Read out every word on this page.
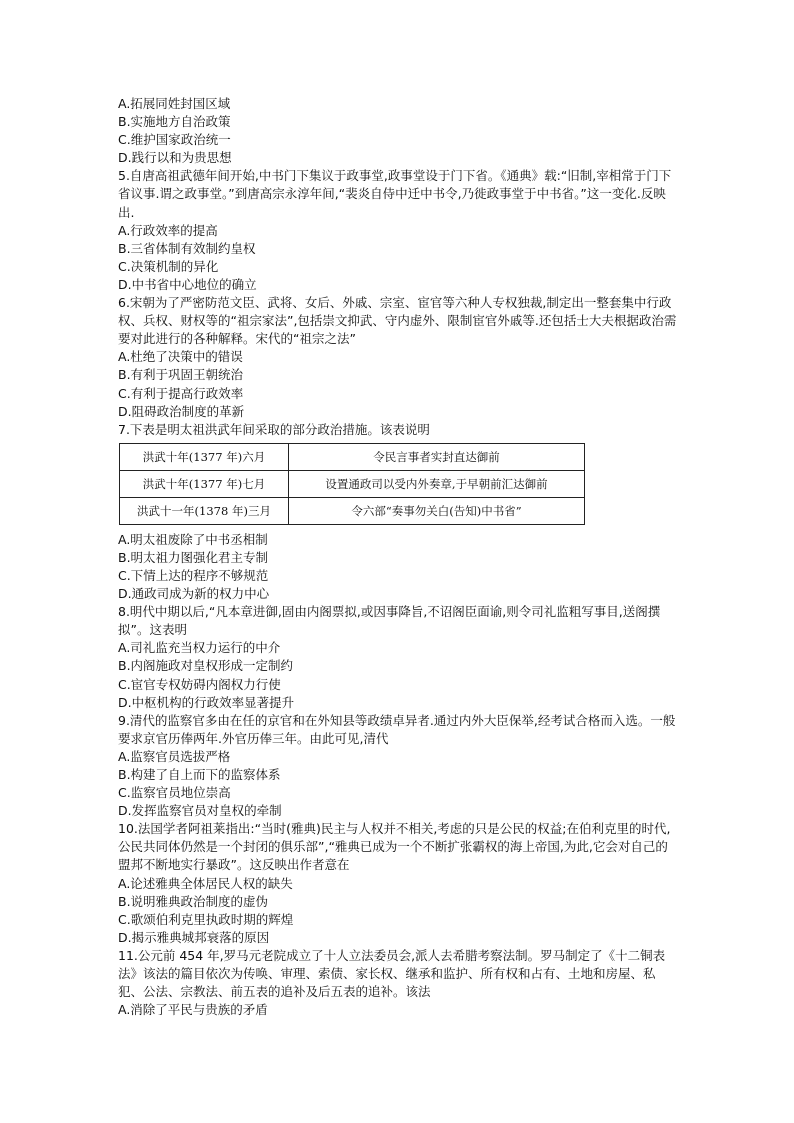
A.拓展同姓封国区域
B.实施地方自治政策
C.维护国家政治统一
D.践行以和为贵思想
5.自唐高祖武德年间开始,中书门下集议于政事堂,政事堂设于门下省。《通典》载:“旧制,宰相常于门下省议事.谓之政事堂。”到唐高宗永淳年间,“裴炎自侍中迁中书令,乃徙政事堂于中书省。”这一变化.反映出.
A.行政效率的提高
B.三省体制有效制约皇权
C.决策机制的异化
D.中书省中心地位的确立
6.宋朝为了严密防范文臣、武将、女后、外戚、宗室、宦官等六种人专权独裁,制定出一整套集中行政权、兵权、财权等的“祖宗家法”,包括崇文抑武、守内虚外、限制宦官外戚等.还包括士大夫根据政治需要对此进行的各种解释。宋代的“祖宗之法”
A.杜绝了决策中的错误
B.有利于巩固王朝统治
C.有利于提高行政效率
D.阻碍政治制度的革新
7.下表是明太祖洪武年间采取的部分政治措施。该表说明
洪武十年(1377 年)六月	令民言事者实封直达御前
洪武十年(1377 年)七月	设置通政司以受内外奏章,于早朝前汇达御前
洪武十一年(1378 年)三月	令六部“奏事勿关白(告知)中书省”
A.明太祖废除了中书丞相制
B.明太祖力图强化君主专制
C.下情上达的程序不够规范
D.通政司成为新的权力中心
8.明代中期以后,“凡本章进御,固由内阁票拟,或因事降旨,不诏阁臣面谕,则令司礼监粗写事目,送阁撰拟”。这表明
A.司礼监充当权力运行的中介
B.内阁施政对皇权形成一定制约
C.宦官专权妨碍内阁权力行使
D.中枢机构的行政效率显著提升
9.清代的监察官多由在任的京官和在外知县等政绩卓异者.通过内外大臣保举,经考试合格而入选。一般要求京官历俸两年.外官历俸三年。由此可见,清代
A.监察官员选拔严格
B.构建了自上而下的监察体系
C.监察官员地位崇高
D.发挥监察官员对皇权的牵制
10.法国学者阿祖莱指出:“当时(雅典)民主与人权并不相关,考虑的只是公民的权益;在伯利克里的时代,公民共同体仍然是一个封闭的俱乐部”,“雅典已成为一个不断扩张霸权的海上帝国,为此,它会对自己的盟邦不断地实行暴政”。这反映出作者意在
A.论述雅典全体居民人权的缺失
B.说明雅典政治制度的虚伪
C.歌颂伯利克里执政时期的辉煌
D.揭示雅典城邦衰落的原因
11.公元前 454 年,罗马元老院成立了十人立法委员会,派人去希腊考察法制。罗马制定了《十二铜表法》该法的篇目依次为传唤、审理、索债、家长权、继承和监护、所有权和占有、土地和房屋、私犯、公法、宗教法、前五表的追补及后五表的追补。该法
A.消除了平民与贵族的矛盾
